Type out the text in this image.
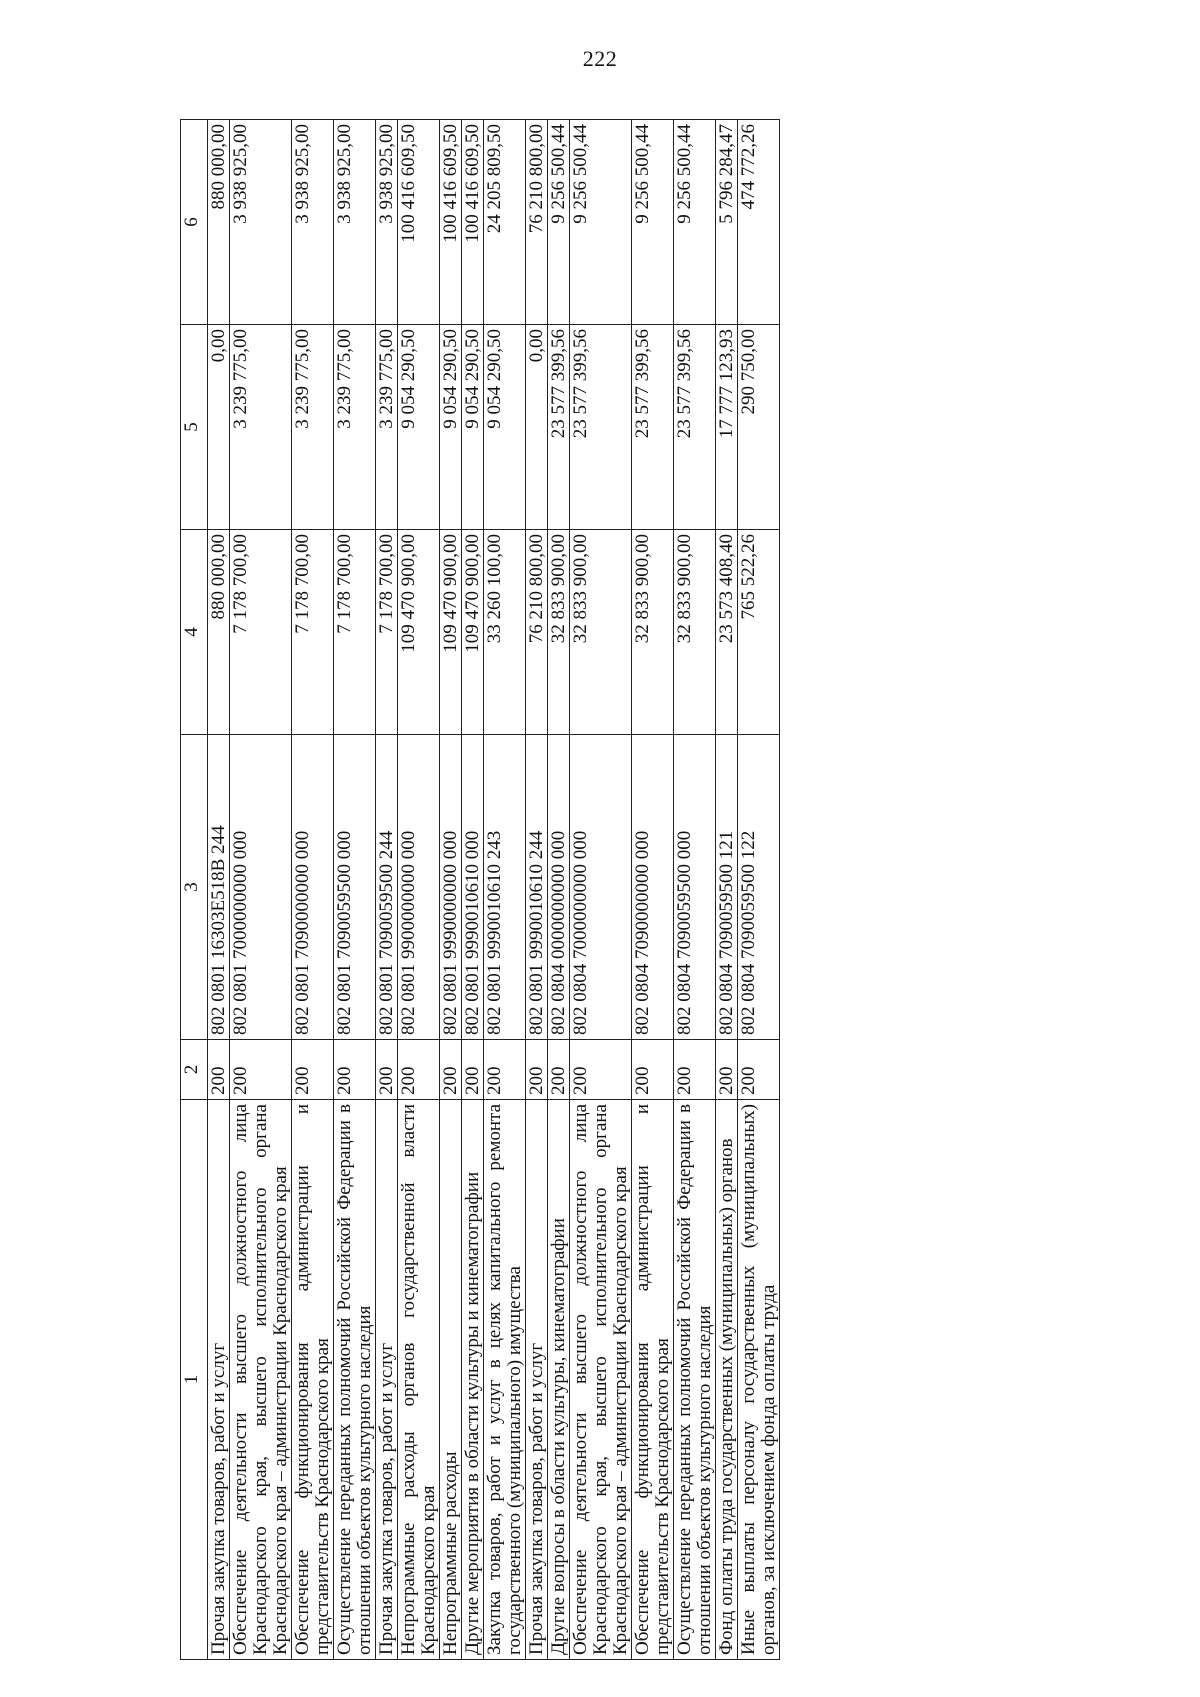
222
1	2	3	4	5	6
Прочая закупка товаров, работ и услуг	200	802 0801 16303E518B 244	880 000,00	0,00	880 000,00
Обеспечение деятельности высшего должностного лица Краснодарского края, высшего исполнительного органа Краснодарского края – администрации Краснодарского края	200	802 0801 7000000000 000	7 178 700,00	3 239 775,00	3 938 925,00
Обеспечение функционирования администрации и представительств Краснодарского края	200	802 0801 7090000000 000	7 178 700,00	3 239 775,00	3 938 925,00
Осуществление переданных полномочий Российской Федерации в отношении объектов культурного наследия	200	802 0801 7090059500 000	7 178 700,00	3 239 775,00	3 938 925,00
Прочая закупка товаров, работ и услуг	200	802 0801 7090059500 244	7 178 700,00	3 239 775,00	3 938 925,00
Непрограммные расходы органов государственной власти Краснодарского края	200	802 0801 9900000000 000	109 470 900,00	9 054 290,50	100 416 609,50
Непрограммные расходы	200	802 0801 9990000000 000	109 470 900,00	9 054 290,50	100 416 609,50
Другие мероприятия в области культуры и кинематографии	200	802 0801 9990010610 000	109 470 900,00	9 054 290,50	100 416 609,50
Закупка товаров, работ и услуг в целях капитального ремонта государственного (муниципального) имущества	200	802 0801 9990010610 243	33 260 100,00	9 054 290,50	24 205 809,50
Прочая закупка товаров, работ и услуг	200	802 0801 9990010610 244	76 210 800,00	0,00	76 210 800,00
Другие вопросы в области культуры, кинематографии	200	802 0804 0000000000 000	32 833 900,00	23 577 399,56	9 256 500,44
Обеспечение деятельности высшего должностного лица Краснодарского края, высшего исполнительного органа Краснодарского края – администрации Краснодарского края	200	802 0804 7000000000 000	32 833 900,00	23 577 399,56	9 256 500,44
Обеспечение функционирования администрации и представительств Краснодарского края	200	802 0804 7090000000 000	32 833 900,00	23 577 399,56	9 256 500,44
Осуществление переданных полномочий Российской Федерации в отношении объектов культурного наследия	200	802 0804 7090059500 000	32 833 900,00	23 577 399,56	9 256 500,44
Фонд оплаты труда государственных (муниципальных) органов	200	802 0804 7090059500 121	23 573 408,40	17 777 123,93	5 796 284,47
Иные выплаты персоналу государственных (муниципальных) органов, за исключением фонда оплаты труда	200	802 0804 7090059500 122	765 522,26	290 750,00	474 772,26
